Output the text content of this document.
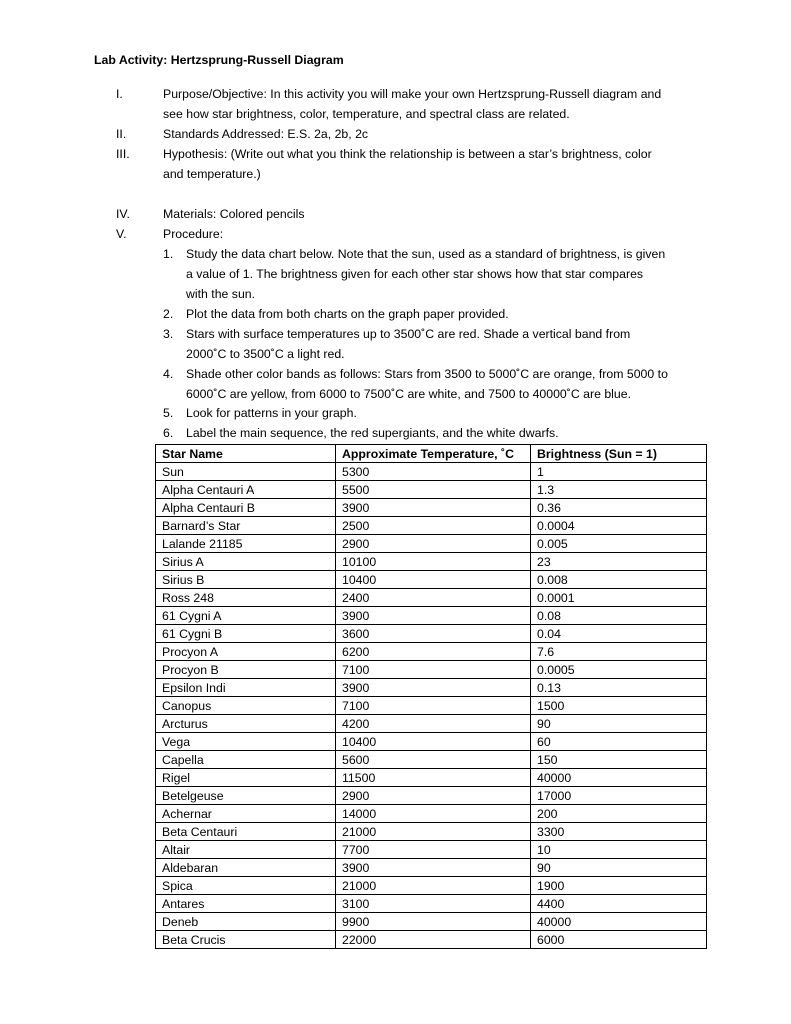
Lab Activity: Hertzsprung-Russell Diagram
I.	Purpose/Objective: In this activity you will make your own Hertzsprung-Russell diagram and
see how star brightness, color, temperature, and spectral class are related.
II.	Standards Addressed: E.S. 2a, 2b, 2c
III.	Hypothesis: (Write out what you think the relationship is between a star’s brightness, color
and temperature.)
IV.	Materials: Colored pencils
V.	Procedure:
1. Study the data chart below. Note that the sun, used as a standard of brightness, is given
a value of 1. The brightness given for each other star shows how that star compares
with the sun.
2. Plot the data from both charts on the graph paper provided.
3. Stars with surface temperatures up to 3500˚C are red. Shade a vertical band from
2000˚C to 3500˚C a light red.
4. Shade other color bands as follows: Stars from 3500 to 5000˚C are orange, from 5000 to
6000˚C are yellow, from 6000 to 7500˚C are white, and 7500 to 40000˚C are blue.
5. Look for patterns in your graph.
6. Label the main sequence, the red supergiants, and the white dwarfs.
Star Name	Approximate Temperature, ˚C	Brightness (Sun = 1)
Sun	5300	1
Alpha Centauri A	5500	1.3
Alpha Centauri B	3900	0.36
Barnard’s Star	2500	0.0004
Lalande 21185	2900	0.005
Sirius A	10100	23
Sirius B	10400	0.008
Ross 248	2400	0.0001
61 Cygni A	3900	0.08
61 Cygni B	3600	0.04
Procyon A	6200	7.6
Procyon B	7100	0.0005
Epsilon Indi	3900	0.13
Canopus	7100	1500
Arcturus	4200	90
Vega	10400	60
Capella	5600	150
Rigel	11500	40000
Betelgeuse	2900	17000
Achernar	14000	200
Beta Centauri	21000	3300
Altair	7700	10
Aldebaran	3900	90
Spica	21000	1900
Antares	3100	4400
Deneb	9900	40000
Beta Crucis	22000	6000
